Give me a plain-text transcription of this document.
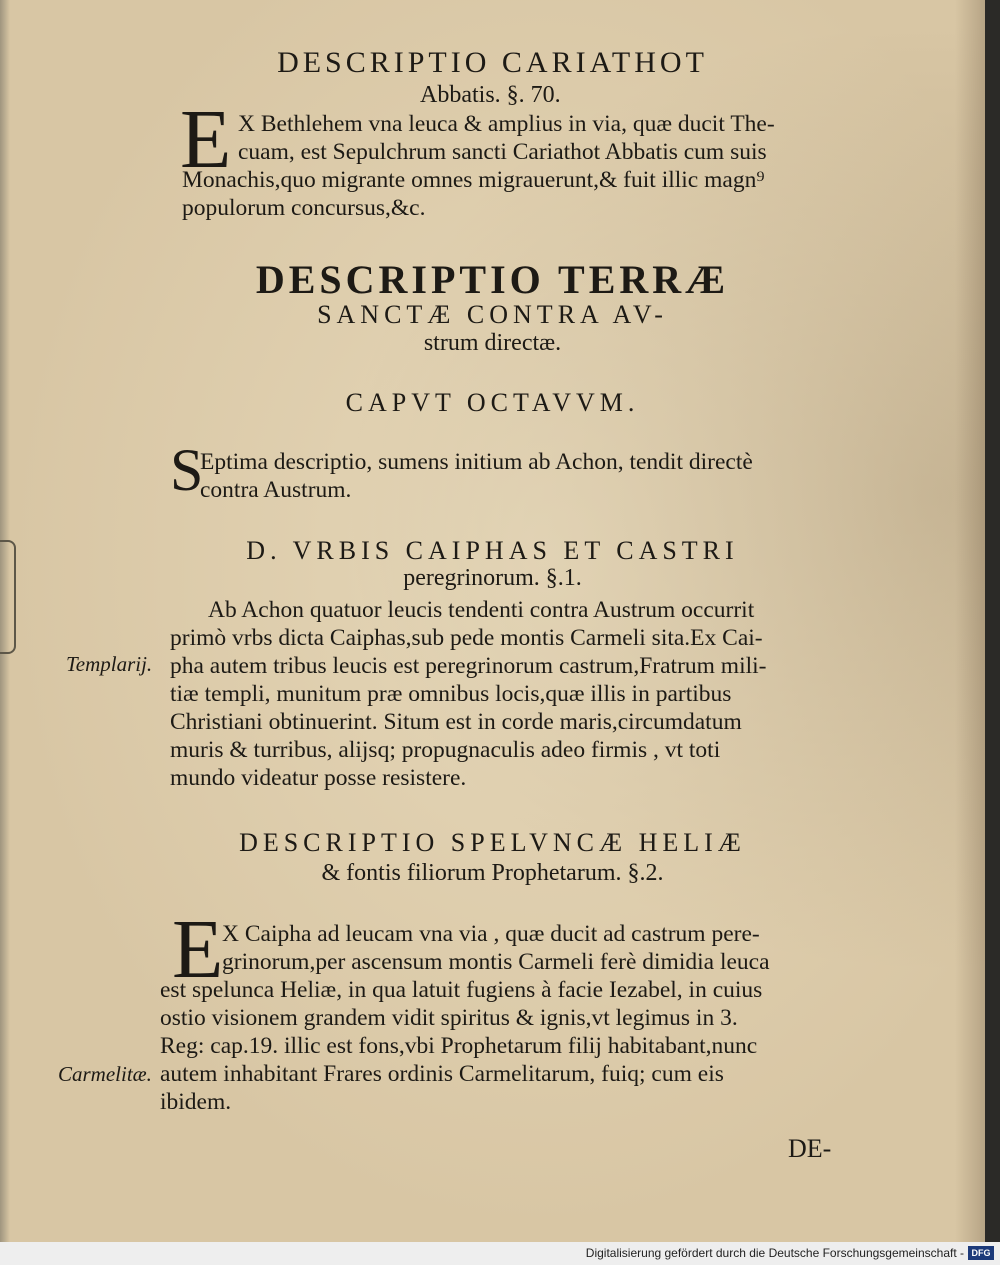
DESCRIPTIO CARIATHOT
Abbatis. §. 70.
E X Bethlehem vna leuca & amplius in via, quæ ducit The-
cuam, est Sepulchrum sancti Cariathot Abbatis cum suis
Monachis,quo migrante omnes migrauerunt,& fuit illic magn⁹
populorum concursus,&c.
DESCRIPTIO TERRÆ
SANCTÆ CONTRA AV-
strum directæ.
CAPVT OCTAVVM.
S
Eptima descriptio, sumens initium ab Achon, tendit directè
contra Austrum.
D. VRBIS CAIPHAS ET CASTRI
peregrinorum. §.1.
Templarij.
Ab Achon quatuor leucis tendenti contra Austrum occurrit
primò vrbs dicta Caiphas,sub pede montis Carmeli sita.Ex Cai-
pha autem tribus leucis est peregrinorum castrum,Fratrum mili-
tiæ templi, munitum præ omnibus locis,quæ illis in partibus
Christiani obtinuerint. Situm est in corde maris,circumdatum
muris & turribus, alijsq; propugnaculis adeo firmis , vt toti
mundo videatur posse resistere.
DESCRIPTIO SPELVNCÆ HELIÆ
& fontis filiorum Prophetarum. §.2.
E
Carmelitæ.
X Caipha ad leucam vna via , quæ ducit ad castrum pere-
grinorum,per ascensum montis Carmeli ferè dimidia leuca
est spelunca Heliæ, in qua latuit fugiens à facie Iezabel, in cuius
ostio visionem grandem vidit spiritus & ignis,vt legimus in 3.
Reg: cap.19. illic est fons,vbi Prophetarum filij habitabant,nunc
autem inhabitant Frares ordinis Carmelitarum, fuiq; cum eis
ibidem.
DE-
Digitalisierung gefördert durch die Deutsche Forschungsgemeinschaft - DFG
